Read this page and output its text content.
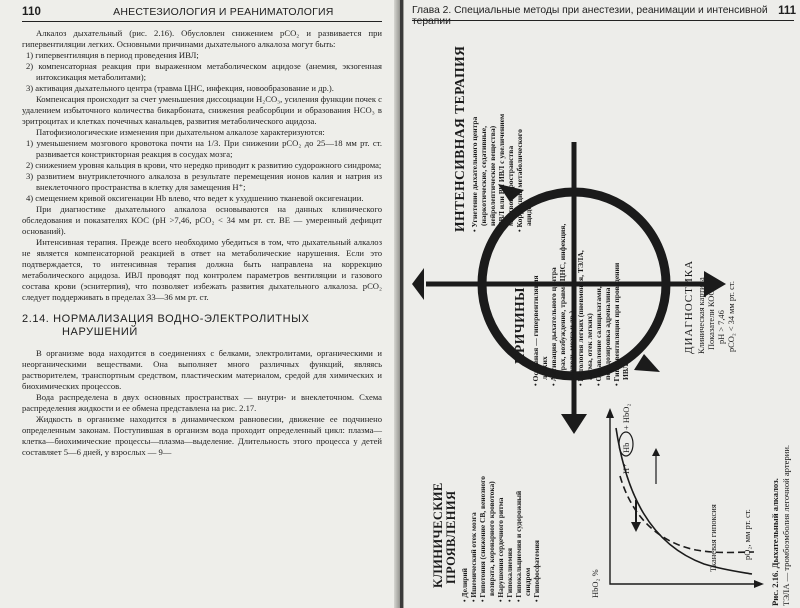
110	АНЕСТЕЗИОЛОГИЯ И РЕАНИМАТОЛОГИЯ

Алкалоз дыхательный (рис. 2.16). Обусловлен снижением pCO₂ и развивается при гипервентиляции легких. Основными причинами дыхательного алкалоза могут быть:

1) гипервентиляция в период проведения ИВЛ;

2) компенсаторная реакция при выраженном метаболическом ацидозе (анемия, экзогенная интоксикация метаболитами);

3) активация дыхательного центра (травма ЦНС, инфекция, новообразование и др.).

Компенсация происходит за счет уменьшения диссоциации H₂CO₃, усиления функции почек с удалением избыточного количества бикарбоната, снижения реабсорбции и образования HCO₃ в эритроцитах и клетках почечных канальцев, развития метаболического ацидоза.

Патофизиологические изменения при дыхательном алкалозе характеризуются:

1) уменьшением мозгового кровотока почти на 1/3. При снижении pCO₂ до 25—18 мм рт. ст. развивается констрикторная реакция в сосудах мозга;

2) снижением уровня кальция в крови, что нередко приводит к развитию судорожного синдрома;

3) развитием внутриклеточного алкалоза в результате перемещения ионов калия и натрия из внеклеточного пространства в клетку для замещения H⁺;

4) смещением кривой оксигенации Hb влево, что ведет к ухудшению тканевой оксигенации.

При диагностике дыхательного алкалоза основываются на данных клинического обследования и показателях КОС (pH >7,46, pCO₂ < 34 мм рт. ст. BE — умеренный дефицит оснований).

Интенсивная терапия. Прежде всего необходимо убедиться в том, что дыхательный алкалоз не является компенсаторной реакцией в ответ на метаболические нарушения. Если это подтверждается, то интенсивная терапия должна быть направлена на коррекцию метаболического ацидоза. ИВЛ проводят под контролем параметров вентиляции и газового состава крови (эснитерпия), что позволяет избежать развития дыхательного алкалоза. pCO₂ следует поддерживать в пределах 33—36 мм рт. ст.

2.14. НОРМАЛИЗАЦИЯ ВОДНО-ЭЛЕКТРОЛИТНЫХ
НАРУШЕНИЙ

В организме вода находится в соединениях с белками, электролитами, органическими и неорганическими веществами. Она выполняет много различных функций, являясь растворителем, транспортным средством, пластическим материалом, средой для химических и биохимических процессов.

Вода распределена в двух основных пространствах — внутри- и внеклеточном. Схема распределения жидкости и ее обмена представлена на рис. 2.17.

Жидкость в организме находится в динамическом равновесии, движение ее подчинено определенным законам. Поступившая в организм вода проходит определенный цикл: плазма—клетка—биохимические процессы—плазма—выделение. Длительность этого процесса у детей составляет 5—6 дней, у взрослых — 9—

Глава 2. Специальные методы при анестезии, реанимации и интенсивной терапии
111
ИНТЕНСИВНАЯ ТЕРАПИЯ • Угнетение дыхательного центра (наркотические, седативные, нейролептические вещества) • ИВЛ или ВЧ ИВЛ с увеличением мертвого пространства • Коррекция метаболического ацидоза
ПРИЧИНЫ • Основная — гипервентиляция легких • Активация дыхательного центра (страх, возбуждение, травма ЦНС, инфекция, опухоль мозга и др.) • Патология легких (пневмония, ТЭЛА, астма, отек легких) • Отравление салицилатами, передозировка адреналина • Гипервентиляция при проведении ИВЛ
ДИАГНОСТИКА Клиническая картина Показатели КОС: pH > 7,46 pCO₂ < 34 мм рт. ст.
КЛИНИЧЕСКИЕ ПРОЯВЛЕНИЯ
• Делирий • Ишемический отек мозга • Гипотония (снижение СВ, венозного возврата, коронарного кровотока) • Нарушения сердечного ритма • Гипокалиемия • Гипокальциемия и судорожный синдром • Гипофосфатемия
Hb
H⁺
+ HbO₂
Тканевая гипоксия	pO₂, мм рт. ст.
HbO₂ %	Рис. 2.16. Дыхательный алкалоз. ТЭЛА — тромбоэмболия легочной артерии.
